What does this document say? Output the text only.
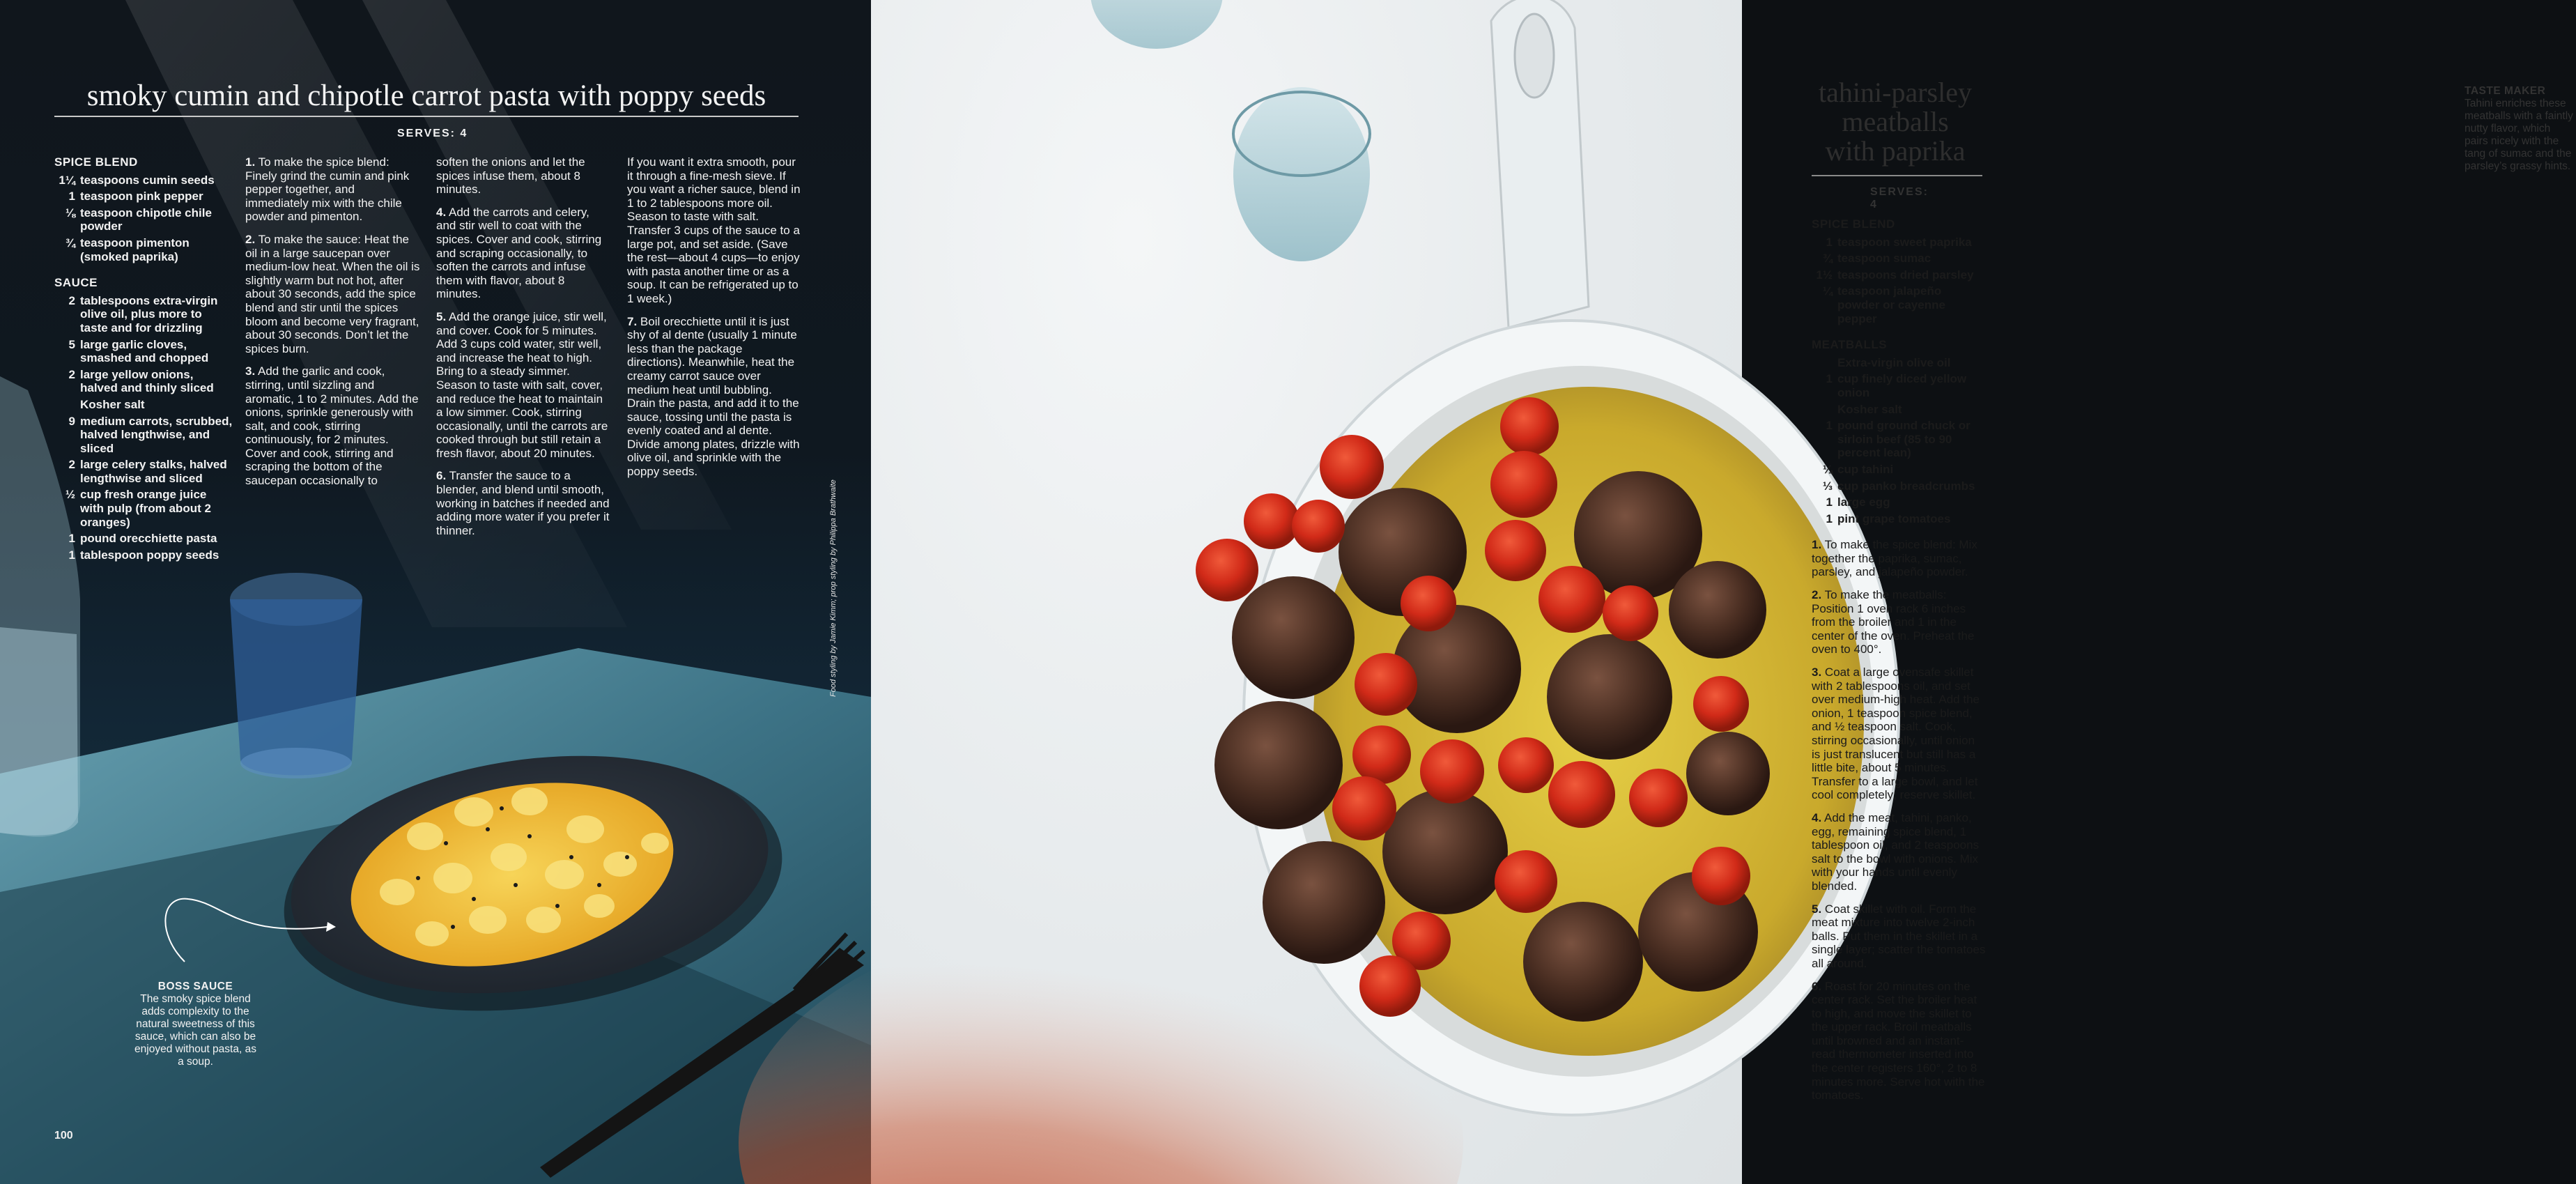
smoky cumin and chipotle carrot pasta with poppy seeds
SERVES: 4
SPICE BLEND
1¼ teaspoons cumin seeds
1 teaspoon pink pepper
⅛ teaspoon chipotle chile powder
¾ teaspoon pimenton (smoked paprika)
SAUCE
2 tablespoons extra-virgin olive oil, plus more to taste and for drizzling
5 large garlic cloves, smashed and chopped
2 large yellow onions, halved and thinly sliced
Kosher salt
9 medium carrots, scrubbed, halved lengthwise, and sliced
2 large celery stalks, halved lengthwise and sliced
½ cup fresh orange juice with pulp (from about 2 oranges)
1 pound orecchiette pasta
1 tablespoon poppy seeds
1. To make the spice blend: Finely grind the cumin and pink pepper together, and immediately mix with the chile powder and pimenton.
2. To make the sauce: Heat the oil in a large saucepan over medium-low heat. When the oil is slightly warm but not hot, after about 30 seconds, add the spice blend and stir until the spices bloom and become very fragrant, about 30 seconds. Don’t let the spices burn.
3. Add the garlic and cook, stirring, until sizzling and aromatic, 1 to 2 minutes. Add the onions, sprinkle generously with salt, and cook, stirring continuously, for 2 minutes. Cover and cook, stirring and scraping the bottom of the saucepan occasionally to
soften the onions and let the spices infuse them, about 8 minutes.
4. Add the carrots and celery, and stir well to coat with the spices. Cover and cook, stirring and scraping occasionally, to soften the carrots and infuse them with flavor, about 8 minutes.
5. Add the orange juice, stir well, and cover. Cook for 5 minutes. Add 3 cups cold water, stir well, and increase the heat to high. Bring to a steady simmer. Season to taste with salt, cover, and reduce the heat to maintain a low simmer. Cook, stirring occasionally, until the carrots are cooked through but still retain a fresh flavor, about 20 minutes.
6. Transfer the sauce to a blender, and blend until smooth, working in batches if needed and adding more water if you prefer it thinner.
If you want it extra smooth, pour it through a fine-mesh sieve. If you want a richer sauce, blend in 1 to 2 tablespoons more oil. Season to taste with salt. Transfer 3 cups of the sauce to a large pot, and set aside. (Save the rest—about 4 cups—to enjoy with pasta another time or as a soup. It can be refrigerated up to 1 week.)
7. Boil orecchiette until it is just shy of al dente (usually 1 minute less than the package directions). Meanwhile, heat the creamy carrot sauce over medium heat until bubbling. Drain the pasta, and add it to the sauce, tossing until the pasta is evenly coated and al dente. Divide among plates, drizzle with olive oil, and sprinkle with the poppy seeds.
BOSS SAUCE
The smoky spice blend adds complexity to the natural sweetness of this sauce, which can also be enjoyed without pasta, as a soup.
Food styling by Jamie Kimm; prop styling by Philippa Brathwaite
100
tahini-parsley
meatballs
with paprika
SERVES: 4
SPICE BLEND
1 teaspoon sweet paprika
¾ teaspoon sumac
1½ teaspoons dried parsley
¼ teaspoon jalapeño powder or cayenne pepper
MEATBALLS
Extra-virgin olive oil
1 cup finely diced yellow onion
Kosher salt
1 pound ground chuck or sirloin beef (85 to 90 percent lean)
¼ cup tahini
⅓ cup panko breadcrumbs
1 large egg
1 pint grape tomatoes
1. To make the spice blend: Mix together the paprika, sumac, parsley, and jalapeño powder.
2. To make the meatballs: Position 1 oven rack 6 inches from the broiler and 1 in the center of the oven. Preheat the oven to 400°.
3. Coat a large ovensafe skillet with 2 tablespoons oil, and set over medium-high heat. Add the onion, 1 teaspoon spice blend, and ½ teaspoon salt. Cook, stirring occasionally, until onion is just translucent but still has a little bite, about 5 minutes. Transfer to a large bowl, and let cool completely; reserve skillet.
4. Add the meat, tahini, panko, egg, remaining spice blend, 1 tablespoon oil, and 2 teaspoons salt to the bowl with onions. Mix with your hands until evenly blended.
5. Coat skillet with oil. Form the meat mixture into twelve 2-inch balls. Put them in the skillet in a single layer; scatter the tomatoes all around.
6. Roast for 20 minutes on the center rack. Set the broiler heat to high, and move the skillet to the upper rack. Broil meatballs until browned and an instant-read thermometer inserted into the center registers 160°, 2 to 8 minutes more. Serve hot with the tomatoes.
TASTE MAKER
Tahini enriches these meatballs with a faintly nutty flavor, which pairs nicely with the tang of sumac and the parsley’s grassy hints.
